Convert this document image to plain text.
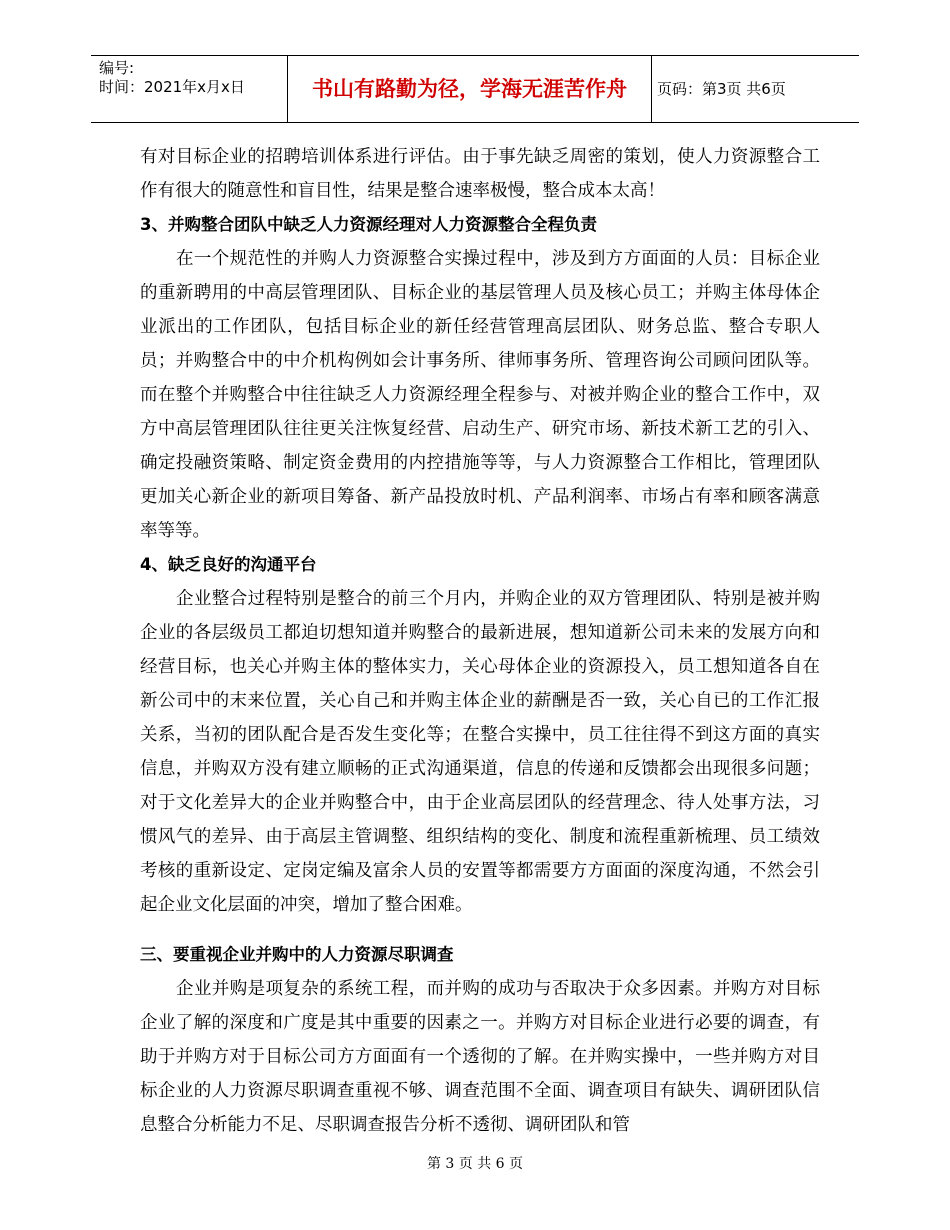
编号:
时间：2021年x月x日	书山有路勤为径，学海无涯苦作舟	页码：第3页 共6页

有对目标企业的招聘培训体系进行评估。由于事先缺乏周密的策划，使人力资源整合工作有很大的随意性和盲目性，结果是整合速率极慢，整合成本太高！

3、并购整合团队中缺乏人力资源经理对人力资源整合全程负责

在一个规范性的并购人力资源整合实操过程中，涉及到方方面面的人员：目标企业的重新聘用的中高层管理团队、目标企业的基层管理人员及核心员工；并购主体母体企业派出的工作团队，包括目标企业的新任经营管理高层团队、财务总监、整合专职人员；并购整合中的中介机构例如会计事务所、律师事务所、管理咨询公司顾问团队等。而在整个并购整合中往往缺乏人力资源经理全程参与、对被并购企业的整合工作中，双方中高层管理团队往往更关注恢复经营、启动生产、研究市场、新技术新工艺的引入、确定投融资策略、制定资金费用的内控措施等等，与人力资源整合工作相比，管理团队更加关心新企业的新项目筹备、新产品投放时机、产品利润率、市场占有率和顾客满意率等等。

4、缺乏良好的沟通平台

企业整合过程特别是整合的前三个月内，并购企业的双方管理团队、特别是被并购企业的各层级员工都迫切想知道并购整合的最新进展，想知道新公司未来的发展方向和经营目标，也关心并购主体的整体实力，关心母体企业的资源投入，员工想知道各自在新公司中的末来位置，关心自己和并购主体企业的薪酬是否一致，关心自已的工作汇报关系，当初的团队配合是否发生变化等；在整合实操中，员工往往得不到这方面的真实信息，并购双方没有建立顺畅的正式沟通渠道，信息的传递和反馈都会出现很多问题；对于文化差异大的企业并购整合中，由于企业高层团队的经营理念、待人处事方法，习惯风气的差异、由于高层主管调整、组织结构的变化、制度和流程重新梳理、员工绩效考核的重新设定、定岗定编及富余人员的安置等都需要方方面面的深度沟通，不然会引起企业文化层面的冲突，增加了整合困难。

三、要重视企业并购中的人力资源尽职调查

企业并购是项复杂的系统工程，而并购的成功与否取决于众多因素。并购方对目标企业了解的深度和广度是其中重要的因素之一。并购方对目标企业进行必要的调查，有助于并购方对于目标公司方方面面有一个透彻的了解。在并购实操中，一些并购方对目标企业的人力资源尽职调查重视不够、调查范围不全面、调查项目有缺失、调研团队信息整合分析能力不足、尽职调查报告分析不透彻、调研团队和管

第 3 页 共 6 页
